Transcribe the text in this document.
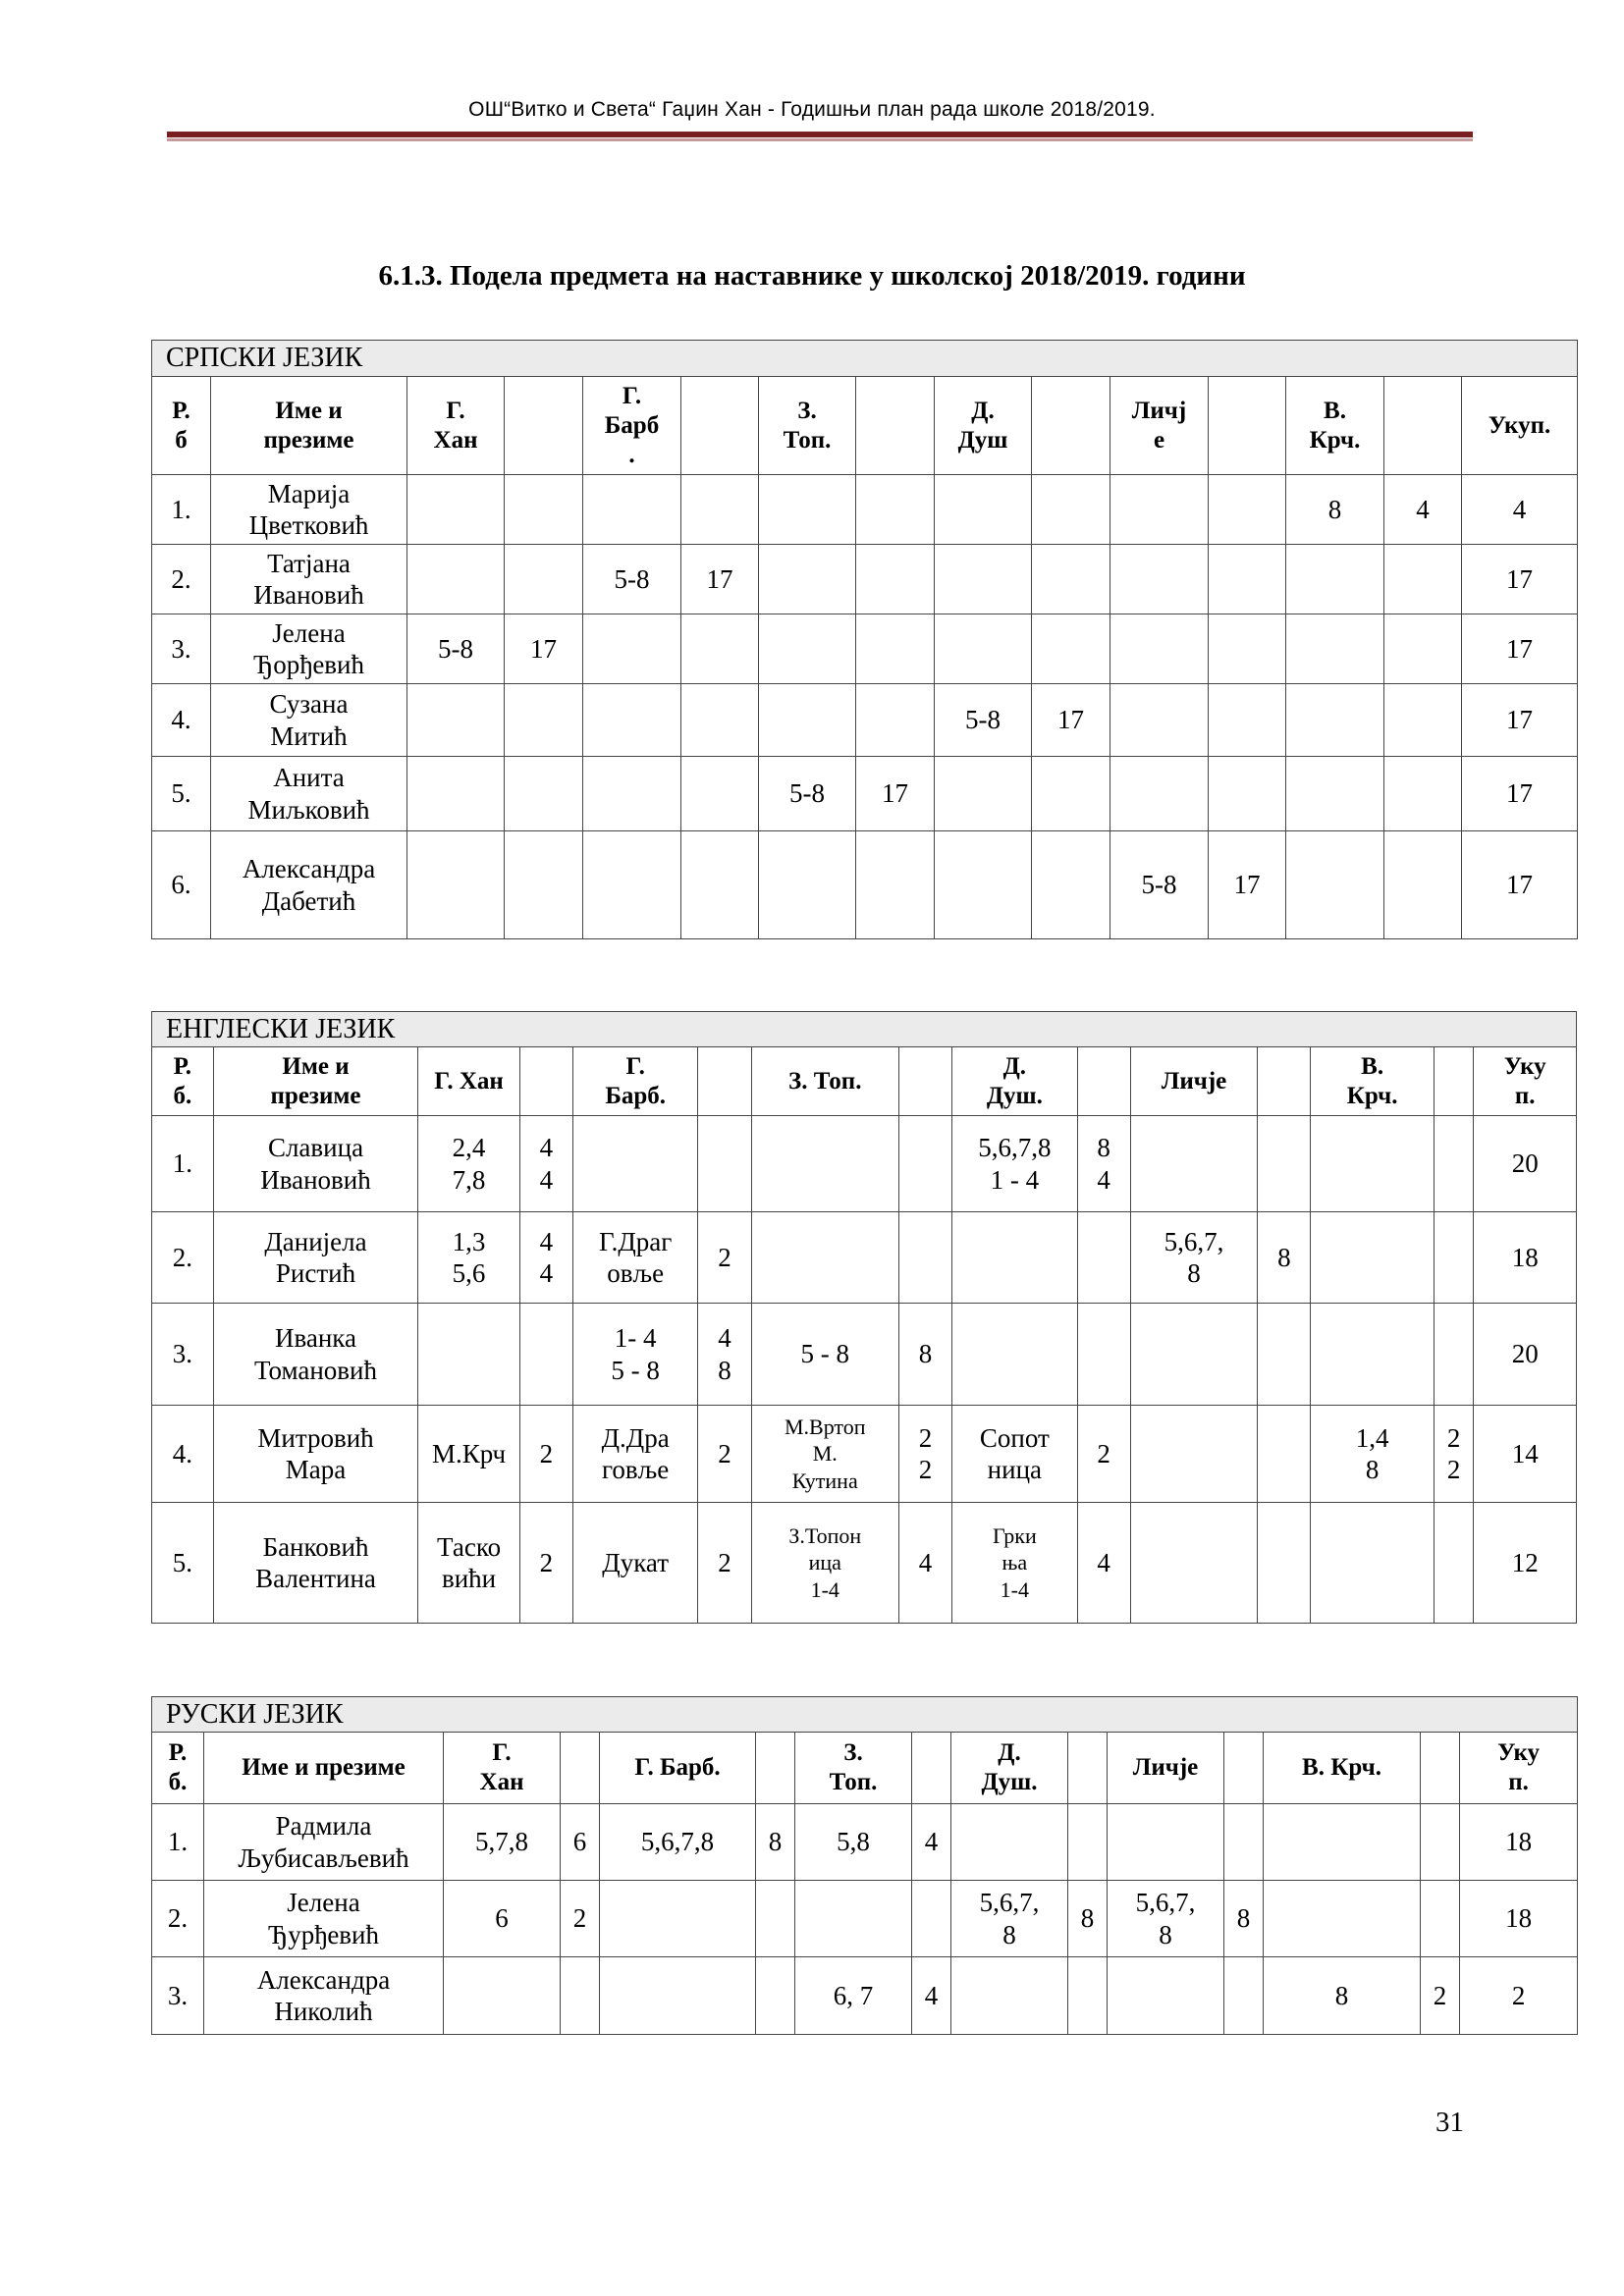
ОШ“Витко и Света“ Гаџин Хан - Годишњи план рада школе 2018/2019.
6.1.3. Подела предмета на наставнике у школској 2018/2019. години
СРПСКИ ЈЕЗИК														
Р.
б	Име и
презиме	Г.
Хан		Г.
Барб
.		З.
Топ.		Д.
Душ		Личј
е		В.
Крч.		Укуп.
1.	Марија
Цветковић											8	4	4
2.	Татјана
Ивановић			5-8	17									17
3.	Јелена
Ђорђевић	5-8	17											17
4.	Сузана
Митић							5-8	17					17
5.	Анита
Миљковић					5-8	17							17
6.	Александра
Дабетић									5-8	17			17
ЕНГЛЕСКИ ЈЕЗИК														
Р.
б.	Име и
презиме	Г. Хан		Г.
Барб.		З. Топ.		Д.
Душ.		Личје		В.
Крч.		Уку
п.
1.	Славица
Ивановић	2,4
7,8	4
4					5,6,7,8
1 - 4	8
4					20
2.	Данијела
Ристић	1,3
5,6	4
4	Г.Драг
овље	2					5,6,7,
8	8			18
3.	Иванка
Томановић			1- 4
5 - 8	4
8	5 - 8	8							20
4.	Митровић
Мара	М.Крч	2	Д.Дра
говље	2	М.Вртоп
М.
Кутина	2
2	Сопот
ница	2			1,4
8	2
2	14
5.	Банковић
Валентина	Таско
вићи	2	Дукат	2	З.Топон
ица
1-4	4	Грки
ња
1-4	4					12
РУСКИ ЈЕЗИК														
Р.
б.	Име и презиме	Г.
Хан		Г. Барб.		З.
Топ.		Д.
Душ.		Личје		В. Крч.		Уку
п.
1.	Радмила
Љубисављевић	5,7,8	6	5,6,7,8	8	5,8	4							18
2.	Јелена
Ђурђевић	6	2					5,6,7,
8	8	5,6,7,
8	8			18
3.	Александра
Николић					6, 7	4					8	2	2
31
